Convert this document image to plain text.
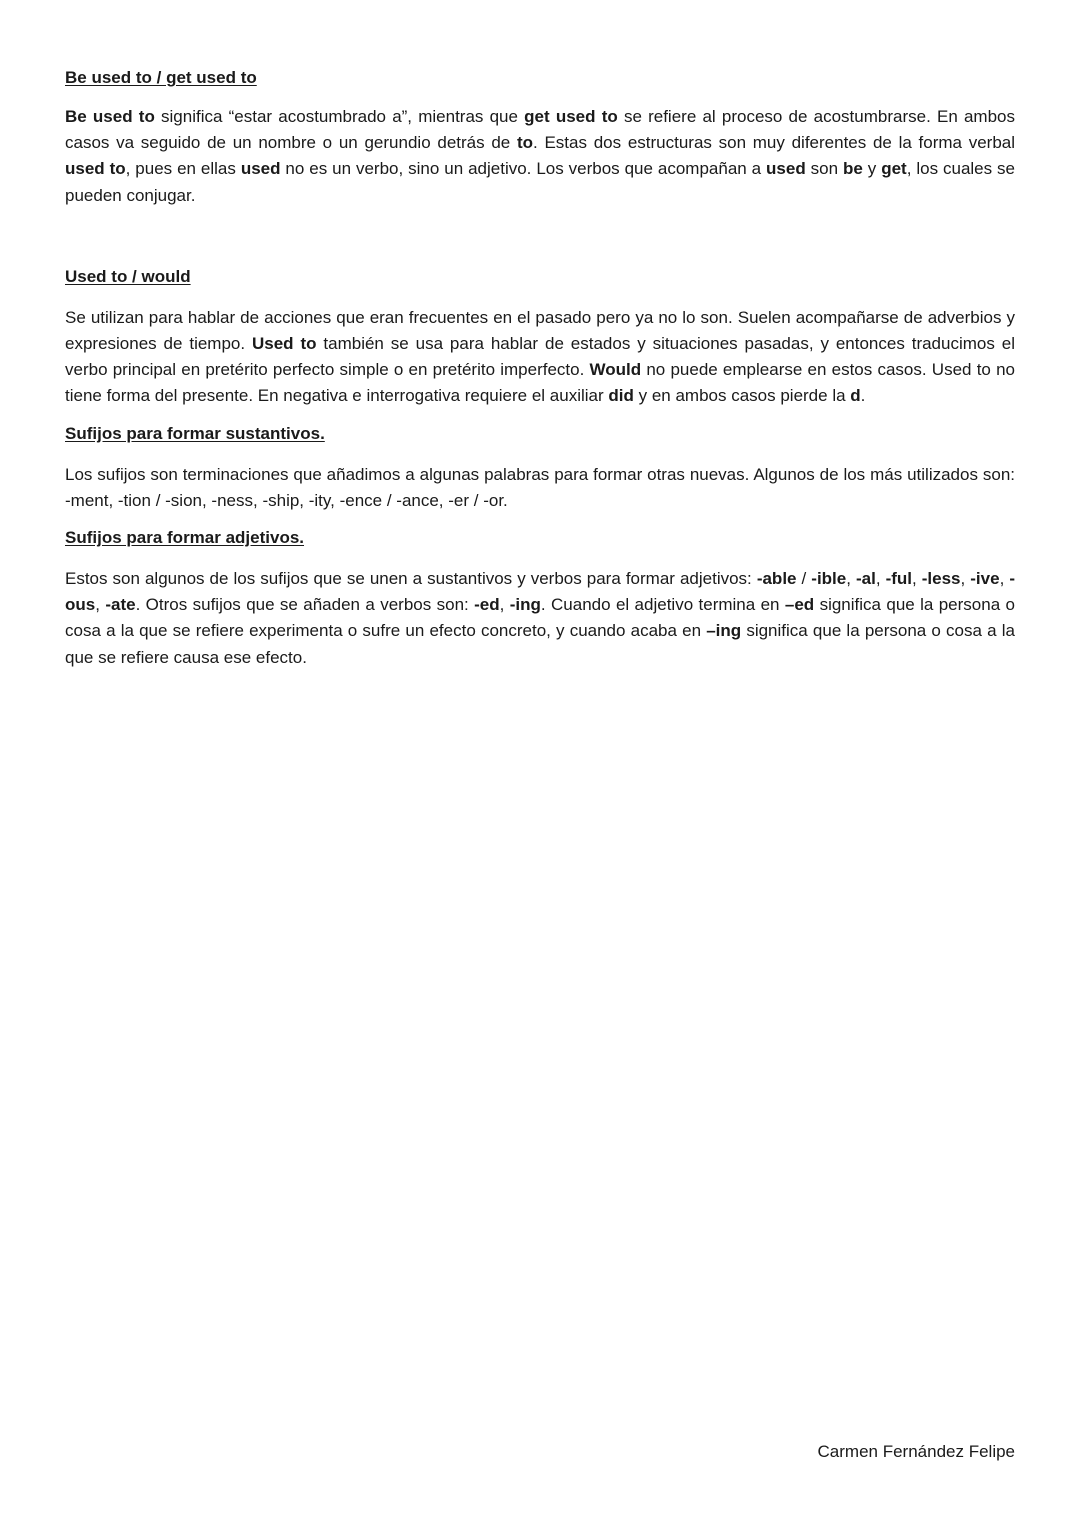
Be used to / get used to

Be used to significa “estar acostumbrado a”, mientras que get used to se refiere al proceso de acostumbrarse. En ambos casos va seguido de un nombre o un gerundio detrás de to. Estas dos estructuras son muy diferentes de la forma verbal used to, pues en ellas used no es un verbo, sino un adjetivo. Los verbos que acompañan a used son be y get, los cuales se pueden conjugar.

Used to / would

Se utilizan para hablar de acciones que eran frecuentes en el pasado pero ya no lo son. Suelen acompañarse de adverbios y expresiones de tiempo. Used to también se usa para hablar de estados y situaciones pasadas, y entonces traducimos el verbo principal en pretérito perfecto simple o en pretérito imperfecto. Would no puede emplearse en estos casos. Used to no tiene forma del presente. En negativa e interrogativa requiere el auxiliar did y en ambos casos pierde la d.

Sufijos para formar sustantivos.

Los sufijos son terminaciones que añadimos a algunas palabras para formar otras nuevas. Algunos de los más utilizados son: -ment, -tion / -sion, -ness, -ship, -ity, -ence / -ance, -er / -or.

Sufijos para formar adjetivos.

Estos son algunos de los sufijos que se unen a sustantivos y verbos para formar adjetivos: -able / -ible, -al, -ful, -less, -ive, -ous, -ate. Otros sufijos que se añaden a verbos son: -ed, -ing. Cuando el adjetivo termina en –ed significa que la persona o cosa a la que se refiere experimenta o sufre un efecto concreto, y cuando acaba en –ing significa que la persona o cosa a la que se refiere causa ese efecto.

Carmen Fernández Felipe
